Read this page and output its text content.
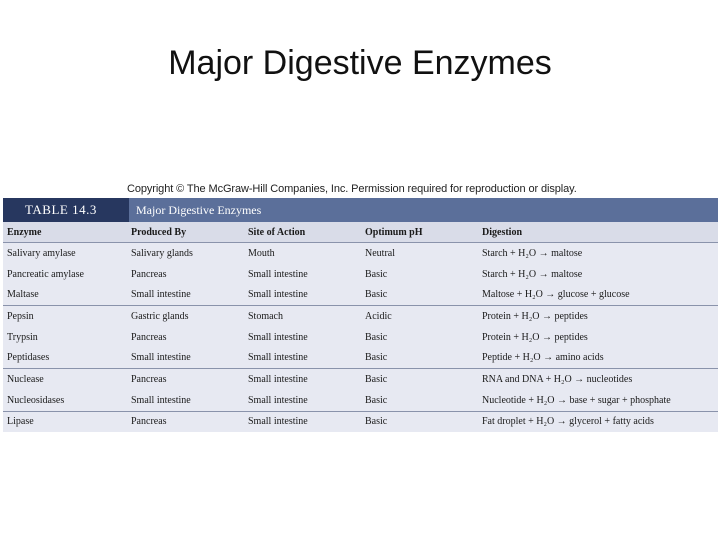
Major Digestive Enzymes
Copyright © The McGraw-Hill Companies, Inc. Permission required for reproduction or display.
TABLE 14.3	Major Digestive Enzymes
Enzyme	Produced By	Site of Action	Optimum pH	Digestion
Salivary amylase	Salivary glands	Mouth	Neutral	Starch + H₂O → maltose
Pancreatic amylase	Pancreas	Small intestine	Basic	Starch + H₂O → maltose
Maltase	Small intestine	Small intestine	Basic	Maltose + H₂O → glucose + glucose
Pepsin	Gastric glands	Stomach	Acidic	Protein + H₂O → peptides
Trypsin	Pancreas	Small intestine	Basic	Protein + H₂O → peptides
Peptidases	Small intestine	Small intestine	Basic	Peptide + H₂O → amino acids
Nuclease	Pancreas	Small intestine	Basic	RNA and DNA + H₂O → nucleotides
Nucleosidases	Small intestine	Small intestine	Basic	Nucleotide + H₂O → base + sugar + phosphate
Lipase	Pancreas	Small intestine	Basic	Fat droplet + H₂O → glycerol + fatty acids
